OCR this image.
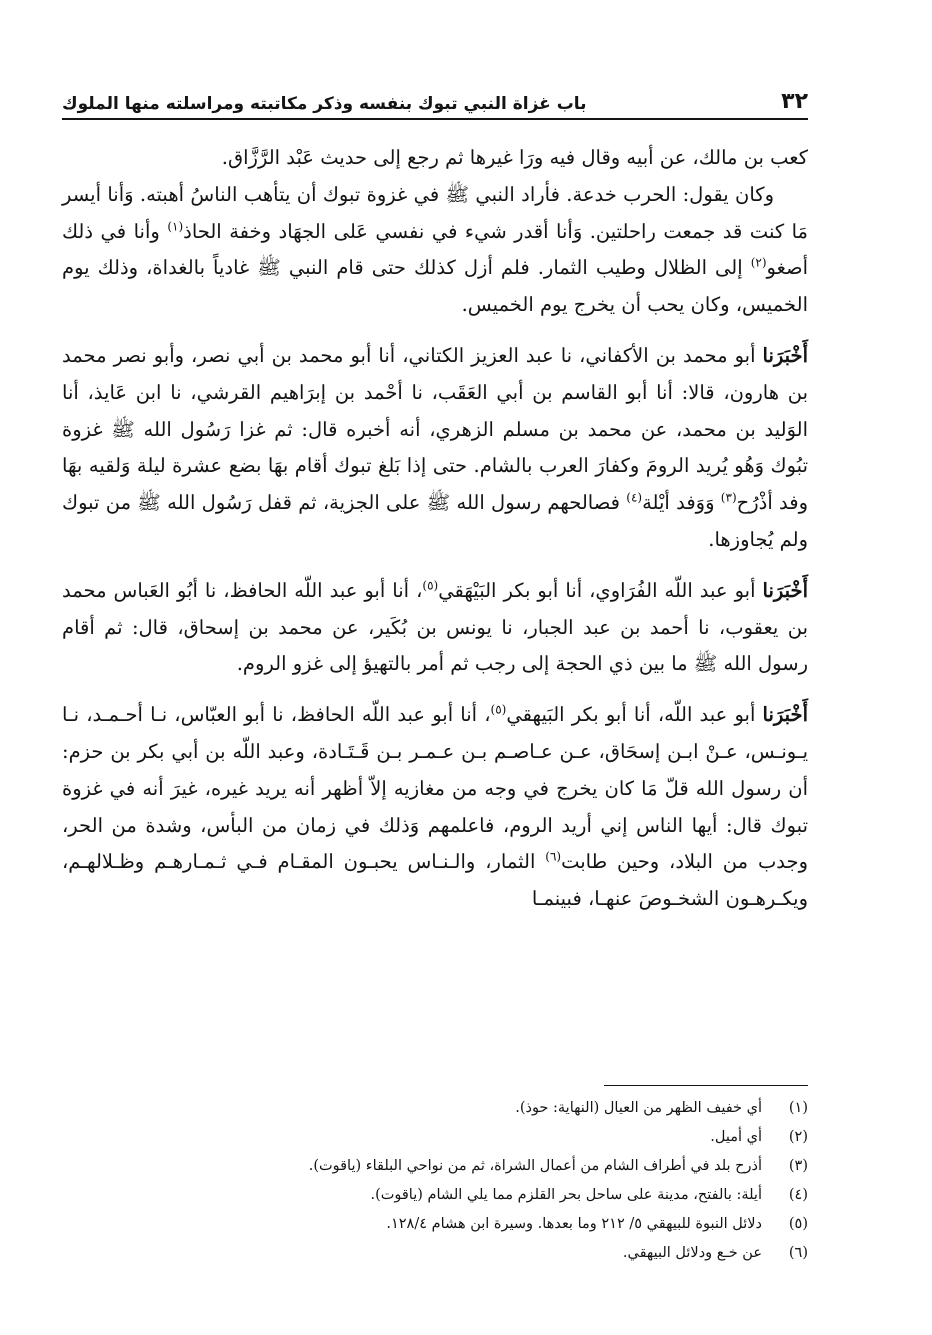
باب غزاة النبي تبوك بنفسه وذكر مكاتبته ومراسلته منها الملوك	٣٢

كعب بن مالك، عن أبيه وقال فيه ورَا غيرها ثم رجع إلى حديث عَبْد الرَّزَّاق.

وكان يقول: الحرب خدعة. فأراد النبي ﷺ في غزوة تبوك أن يتأهب الناسُ أهبته. وَأنا أيسر مَا كنت قد جمعت راحلتين. وَأنا أقدر شيء في نفسي عَلى الجهَاد وخفة الحاذ$^{(١)}$ وأنا في ذلك أصغو$^{(٢)}$ إلى الظلال وطيب الثمار. فلم أزل كذلك حتى قام النبي ﷺ غادياً بالغداة، وذلك يوم الخميس، وكان يحب أن يخرج يوم الخميس.

أَخْبَرَنا أبو محمد بن الأكفاني، نا عبد العزيز الكتاني، أنا أبو محمد بن أبي نصر، وأبو نصر محمد بن هارون، قالا: أنا أبو القاسم بن أبي العَقَب، نا أحْمد بن إبرَاهيم القرشي، نا ابن عَايذ، أنا الوَليد بن محمد، عن محمد بن مسلم الزهري، أنه أخبره قال: ثم غزا رَسُول الله ﷺ غزوة تبُوك وَهُو يُريد الرومَ وكفارَ العرب بالشام. حتى إذا بَلغ تبوك أقام بهَا بضع عشرة ليلة وَلقيه بهَا وفد أذْرُح$^{(٣)}$ وَوَفد أيْلة$^{(٤)}$ فصالحهم رسول الله ﷺ على الجزية، ثم قفل رَسُول الله ﷺ من تبوك ولم يُجاوزها.

أَخْبَرَنا أبو عبد اللّه الفُرَاوي، أنا أبو بكر البَيْهَقي$^{(٥)}$، أنا أبو عبد اللّه الحافظ، نا أبُو العَباس محمد بن يعقوب، نا أحمد بن عبد الجبار، نا يونس بن بُكَير، عن محمد بن إسحاق، قال: ثم أقام رسول الله ﷺ ما بين ذي الحجة إلى رجب ثم أمر بالتهيؤ إلى غزو الروم.

أَخْبَرَنا أبو عبد اللّه، أنا أبو بكر البَيهقي$^{(٥)}$، أنا أبو عبد اللّه الحافظ، نا أبو العبّاس، نـا أحـمـد، نـا يـونـس، عـنْ ابـن إسحَاق، عـن عـاصـم بـن عـمـر بـن قَـتَـادة، وعبد اللّه بن أبي بكر بن حزم: أن رسول الله قلّ مَا كان يخرج في وجه من مغازيه إلاّ أظهر أنه يريد غيره، غيرَ أنه في غزوة تبوك قال: أيها الناس إني أريد الروم، فاعلمهم وَذلك في زمان من البأس، وشدة من الحر، وجدب من البلاد، وحين طابت$^{(٦)}$ الثمار، والـنـاس يحبـون المقـام فـي ثـمـارهـم وظـلالهـم، ويكـرهـون الشخـوصَ عنهـا، فبينمـا

(١)
أي خفيف الظهر من العيال (النهاية: حوذ).
(٢)
أي أميل.
(٣)
أذرح بلد في أطراف الشام من أعمال الشراة، ثم من نواحي البلقاء (ياقوت).
(٤)
أيلة: بالفتح، مدينة على ساحل بحر القلزم مما يلي الشام (ياقوت).
(٥)
دلائل النبوة للبيهقي ٥/ ٢١٢ وما بعدها. وسيرة ابن هشام ١٢٨/٤.
(٦)
عن خـع ودلائل البيهقي.
